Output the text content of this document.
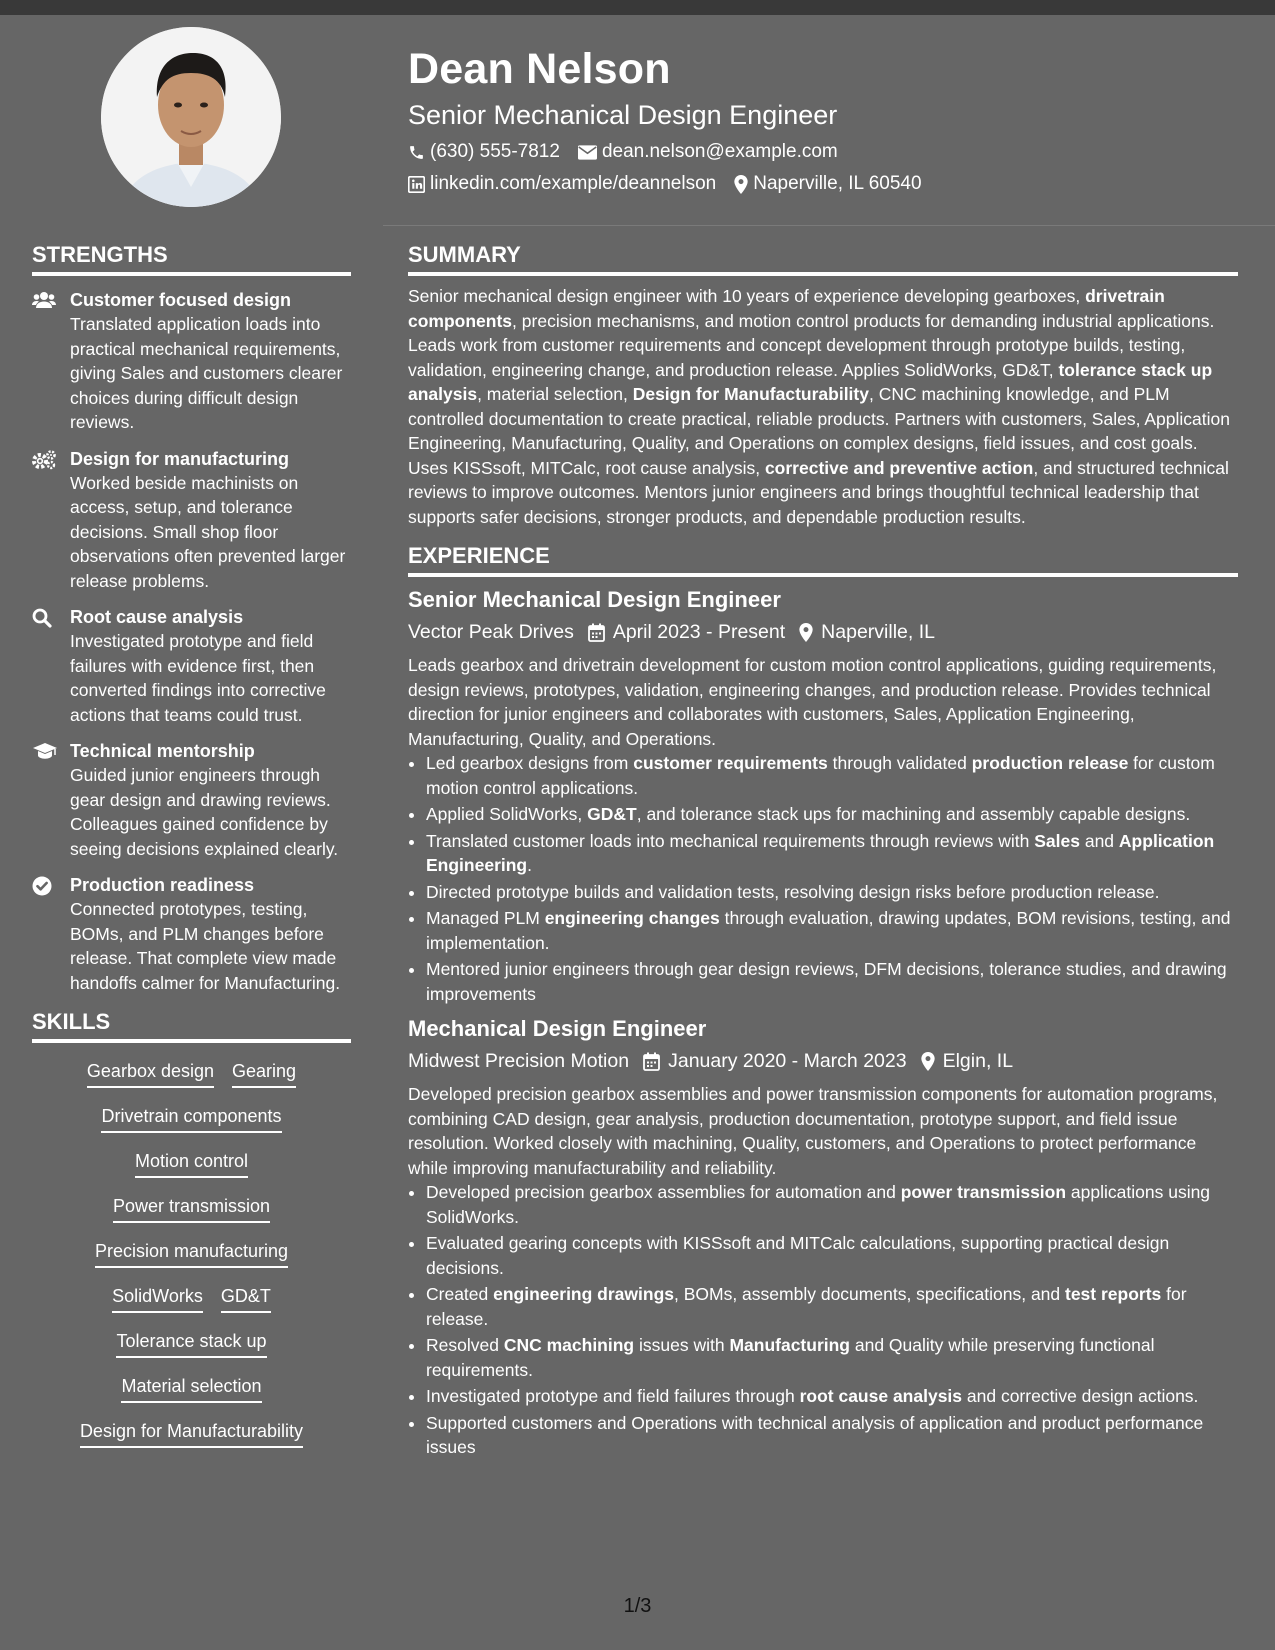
Dean Nelson
Senior Mechanical Design Engineer
(630) 555-7812 dean.nelson@example.com
linkedin.com/example/deannelson Naperville, IL 60540
STRENGTHS
Customer focused design
Translated application loads into practical mechanical requirements, giving Sales and customers clearer choices during difficult design reviews.
Design for manufacturing
Worked beside machinists on access, setup, and tolerance decisions. Small shop floor observations often prevented larger release problems.
Root cause analysis
Investigated prototype and field failures with evidence first, then converted findings into corrective actions that teams could trust.
Technical mentorship
Guided junior engineers through gear design and drawing reviews. Colleagues gained confidence by seeing decisions explained clearly.
Production readiness
Connected prototypes, testing, BOMs, and PLM changes before release. That complete view made handoffs calmer for Manufacturing.
SKILLS
Gearbox design Gearing
Drivetrain components
Motion control
Power transmission
Precision manufacturing
SolidWorks GD&T
Tolerance stack up
Material selection
Design for Manufacturability
SUMMARY
Senior mechanical design engineer with 10 years of experience developing gearboxes, drivetrain components, precision mechanisms, and motion control products for demanding industrial applications. Leads work from customer requirements and concept development through prototype builds, testing, validation, engineering change, and production release. Applies SolidWorks, GD&T, tolerance stack up analysis, material selection, Design for Manufacturability, CNC machining knowledge, and PLM controlled documentation to create practical, reliable products. Partners with customers, Sales, Application Engineering, Manufacturing, Quality, and Operations on complex designs, field issues, and cost goals. Uses KISSsoft, MITCalc, root cause analysis, corrective and preventive action, and structured technical reviews to improve outcomes. Mentors junior engineers and brings thoughtful technical leadership that supports safer decisions, stronger products, and dependable production results.
EXPERIENCE
Senior Mechanical Design Engineer
Vector Peak Drives April 2023 - Present Naperville, IL
Leads gearbox and drivetrain development for custom motion control applications, guiding requirements, design reviews, prototypes, validation, engineering changes, and production release. Provides technical direction for junior engineers and collaborates with customers, Sales, Application Engineering, Manufacturing, Quality, and Operations.
• Led gearbox designs from customer requirements through validated production release for custom motion control applications.
• Applied SolidWorks, GD&T, and tolerance stack ups for machining and assembly capable designs.
• Translated customer loads into mechanical requirements through reviews with Sales and Application Engineering.
• Directed prototype builds and validation tests, resolving design risks before production release.
• Managed PLM engineering changes through evaluation, drawing updates, BOM revisions, testing, and implementation.
• Mentored junior engineers through gear design reviews, DFM decisions, tolerance studies, and drawing improvements
Mechanical Design Engineer
Midwest Precision Motion January 2020 - March 2023 Elgin, IL
Developed precision gearbox assemblies and power transmission components for automation programs, combining CAD design, gear analysis, production documentation, prototype support, and field issue resolution. Worked closely with machining, Quality, customers, and Operations to protect performance while improving manufacturability and reliability.
• Developed precision gearbox assemblies for automation and power transmission applications using SolidWorks.
• Evaluated gearing concepts with KISSsoft and MITCalc calculations, supporting practical design decisions.
• Created engineering drawings, BOMs, assembly documents, specifications, and test reports for release.
• Resolved CNC machining issues with Manufacturing and Quality while preserving functional requirements.
• Investigated prototype and field failures through root cause analysis and corrective design actions.
• Supported customers and Operations with technical analysis of application and product performance issues
1/3
